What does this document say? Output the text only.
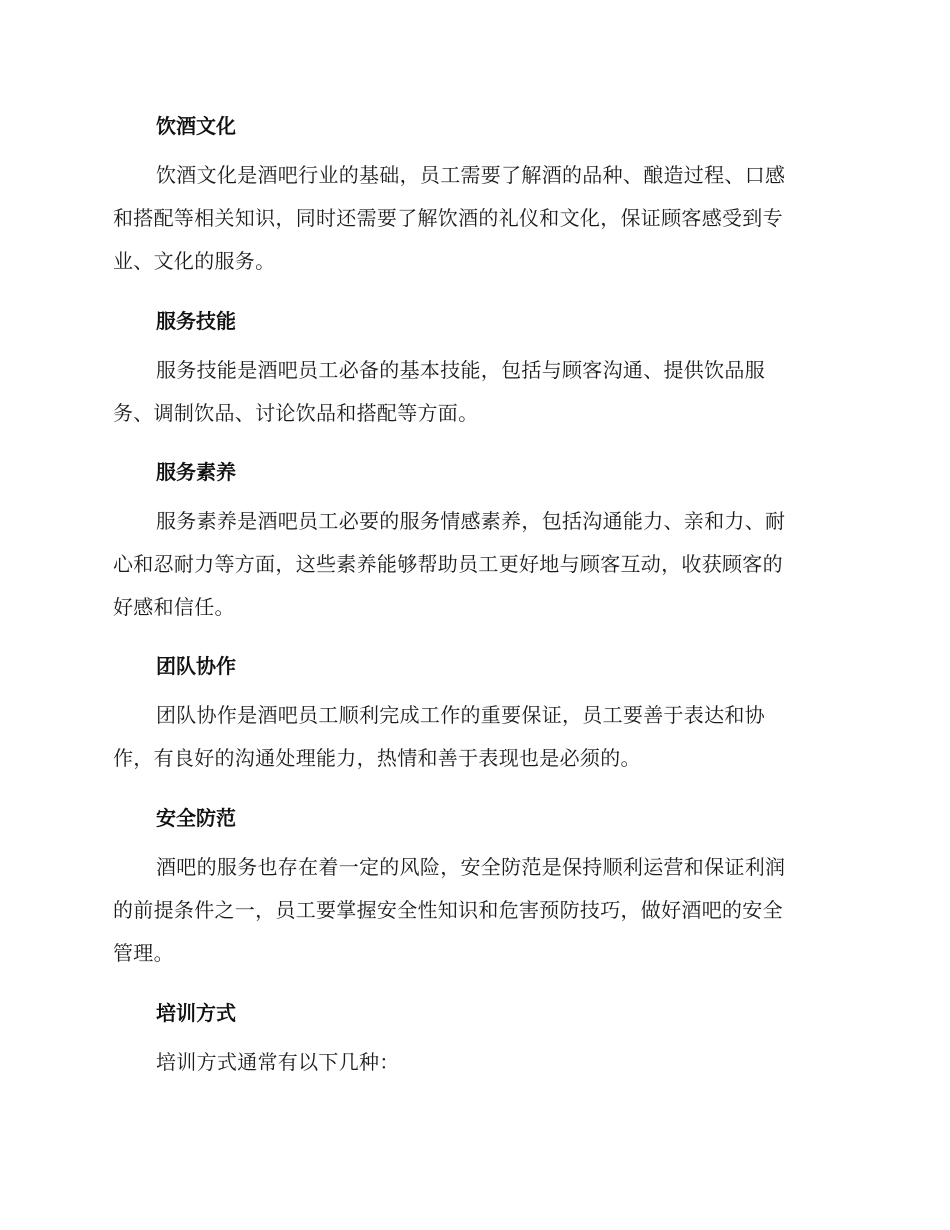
饮酒文化

饮酒文化是酒吧行业的基础，员工需要了解酒的品种、酿造过程、口感
和搭配等相关知识，同时还需要了解饮酒的礼仪和文化，保证顾客感受到专
业、文化的服务。

服务技能

服务技能是酒吧员工必备的基本技能，包括与顾客沟通、提供饮品服
务、调制饮品、讨论饮品和搭配等方面。

服务素养

服务素养是酒吧员工必要的服务情感素养，包括沟通能力、亲和力、耐
心和忍耐力等方面，这些素养能够帮助员工更好地与顾客互动，收获顾客的
好感和信任。

团队协作

团队协作是酒吧员工顺利完成工作的重要保证，员工要善于表达和协
作，有良好的沟通处理能力，热情和善于表现也是必须的。

安全防范

酒吧的服务也存在着一定的风险，安全防范是保持顺利运营和保证利润
的前提条件之一，员工要掌握安全性知识和危害预防技巧，做好酒吧的安全
管理。

培训方式

培训方式通常有以下几种：
